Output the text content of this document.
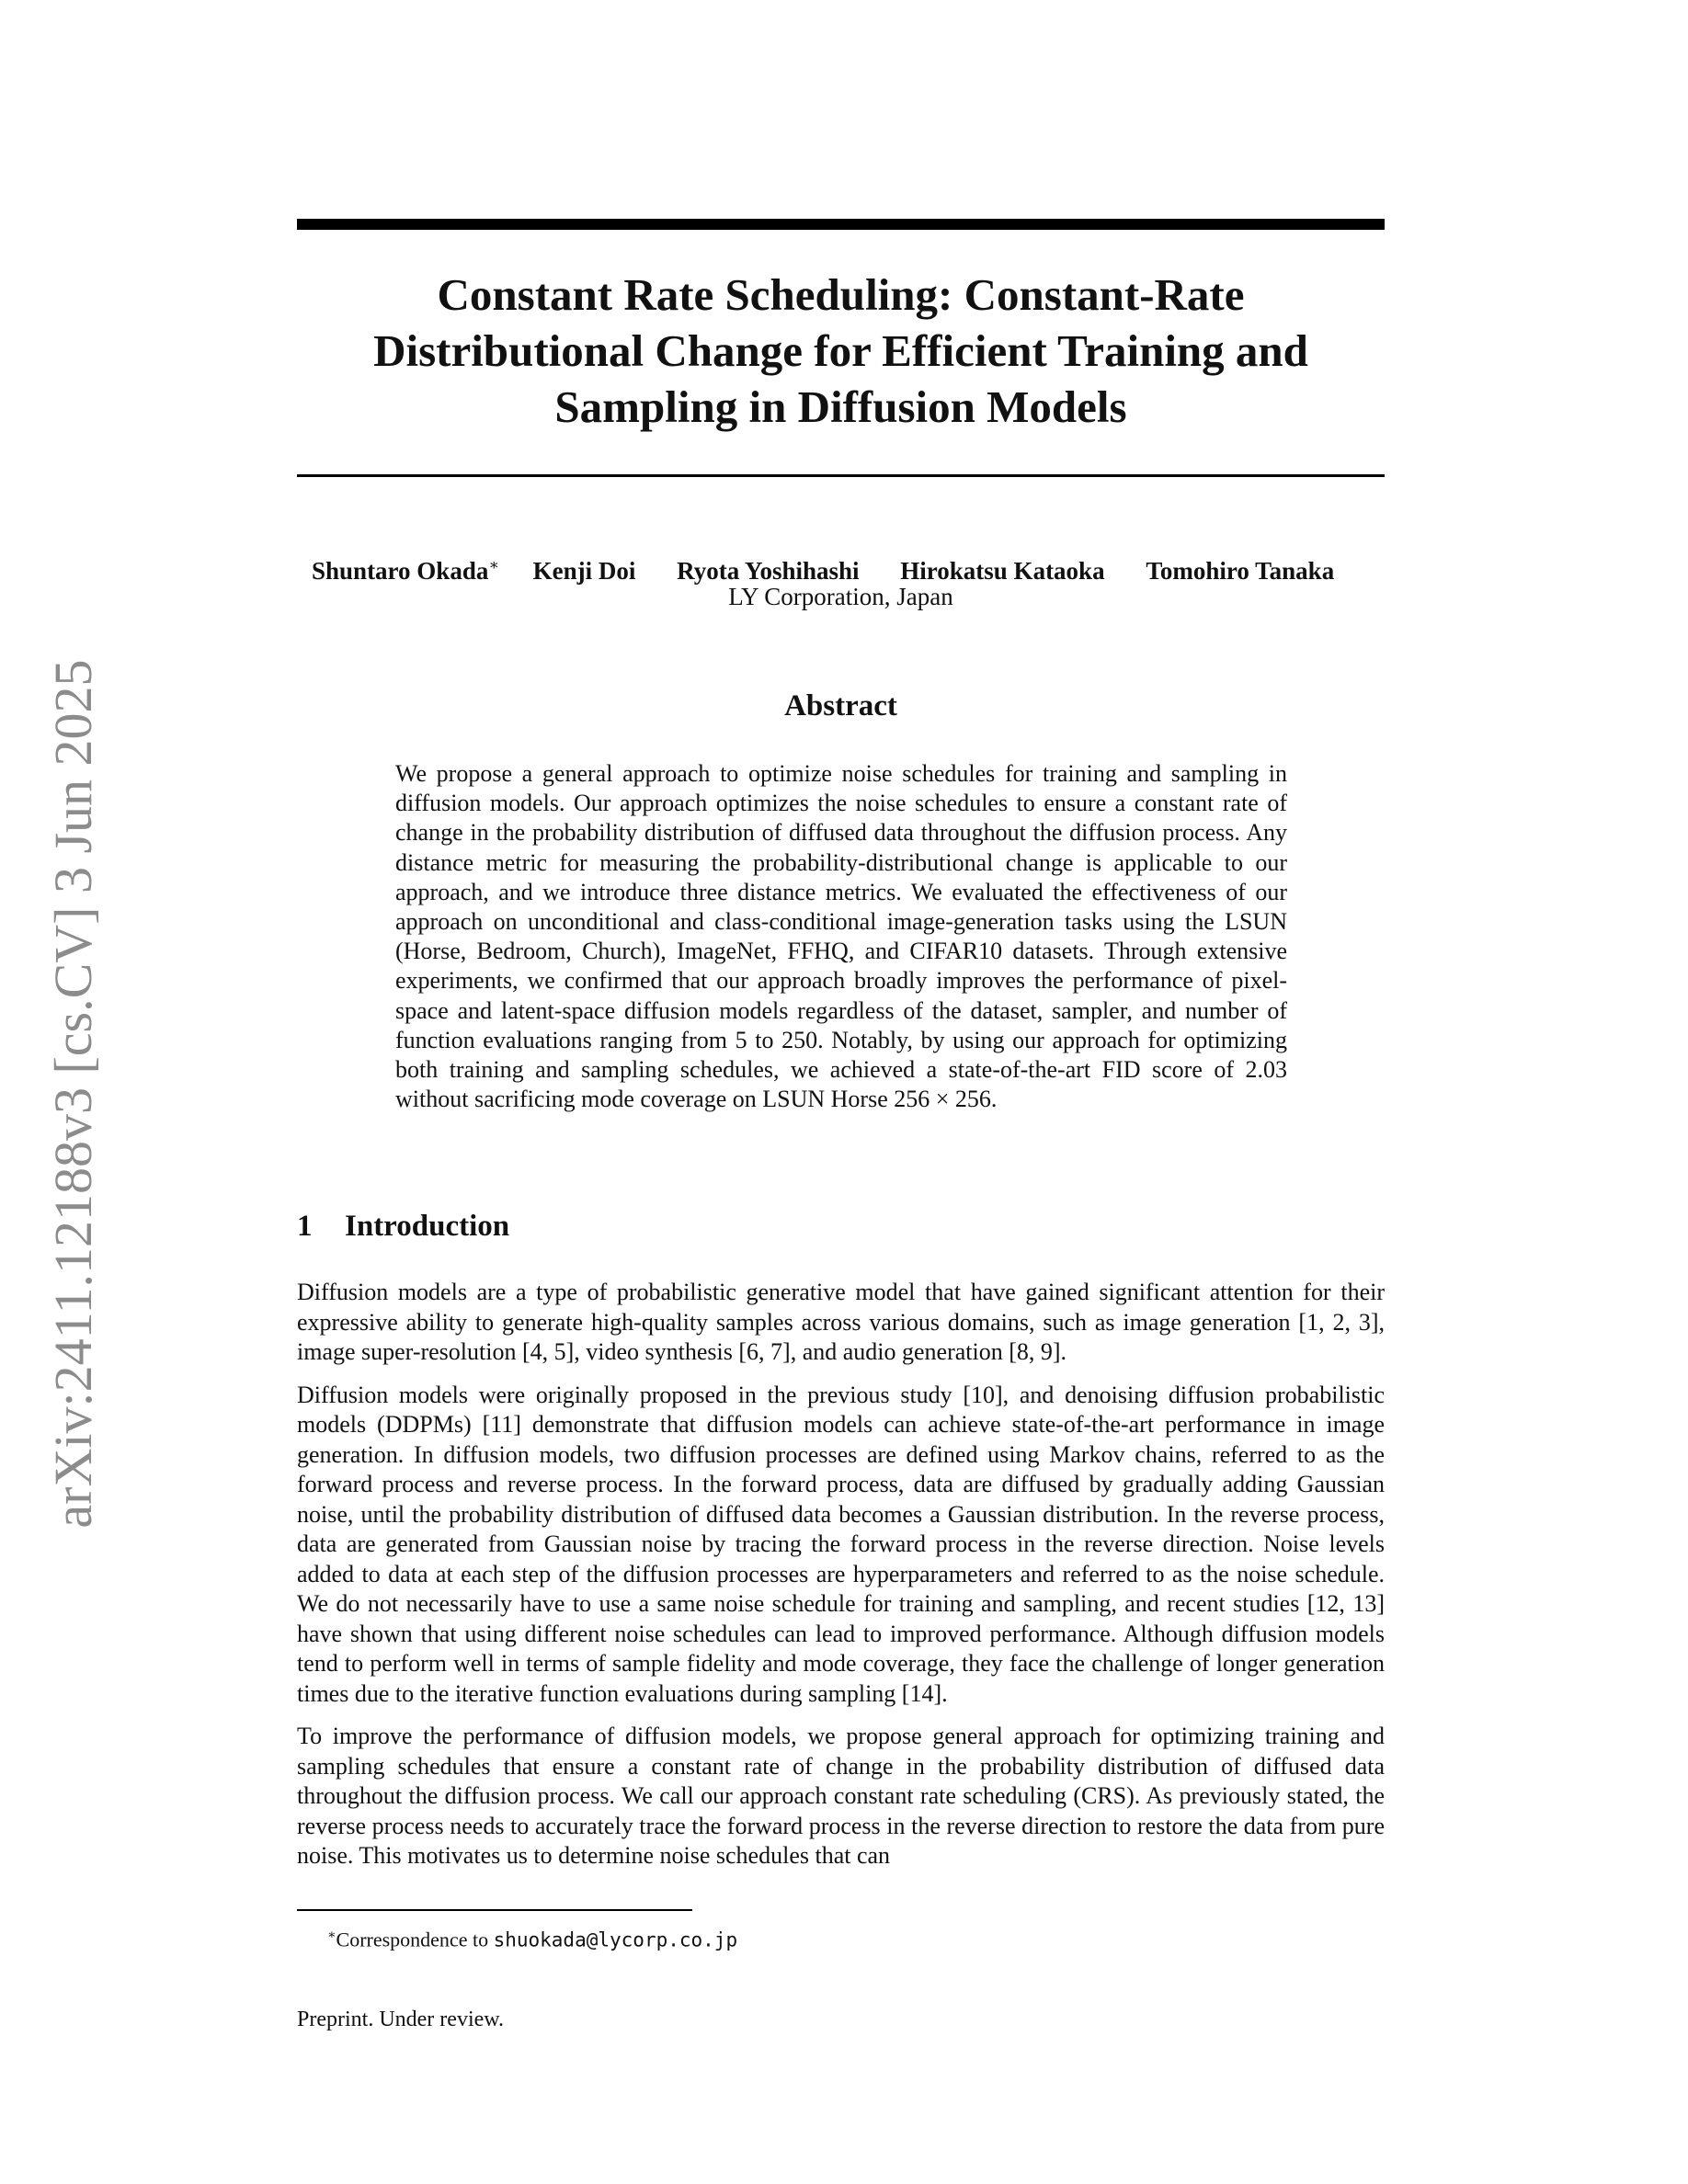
arXiv:2411.12188v3 [cs.CV] 3 Jun 2025
Constant Rate Scheduling: Constant-Rate Distributional Change for Efficient Training and Sampling in Diffusion Models
Shuntaro Okada∗ Kenji Doi Ryota Yoshihashi Hirokatsu Kataoka Tomohiro Tanaka

LY Corporation, Japan

Abstract

We propose a general approach to optimize noise schedules for training and sampling in diffusion models. Our approach optimizes the noise schedules to ensure a constant rate of change in the probability distribution of diffused data throughout the diffusion process. Any distance metric for measuring the probability-distributional change is applicable to our approach, and we introduce three distance metrics. We evaluated the effectiveness of our approach on unconditional and class-conditional image-generation tasks using the LSUN (Horse, Bedroom, Church), ImageNet, FFHQ, and CIFAR10 datasets. Through extensive experiments, we confirmed that our approach broadly improves the performance of pixel-space and latent-space diffusion models regardless of the dataset, sampler, and number of function evaluations ranging from 5 to 250. Notably, by using our approach for optimizing both training and sampling schedules, we achieved a state-of-the-art FID score of 2.03 without sacrificing mode coverage on LSUN Horse 256 × 256.

1 Introduction

Diffusion models are a type of probabilistic generative model that have gained significant attention for their expressive ability to generate high-quality samples across various domains, such as image generation [1, 2, 3], image super-resolution [4, 5], video synthesis [6, 7], and audio generation [8, 9].

Diffusion models were originally proposed in the previous study [10], and denoising diffusion probabilistic models (DDPMs) [11] demonstrate that diffusion models can achieve state-of-the-art performance in image generation. In diffusion models, two diffusion processes are defined using Markov chains, referred to as the forward process and reverse process. In the forward process, data are diffused by gradually adding Gaussian noise, until the probability distribution of diffused data becomes a Gaussian distribution. In the reverse process, data are generated from Gaussian noise by tracing the forward process in the reverse direction. Noise levels added to data at each step of the diffusion processes are hyperparameters and referred to as the noise schedule. We do not necessarily have to use a same noise schedule for training and sampling, and recent studies [12, 13] have shown that using different noise schedules can lead to improved performance. Although diffusion models tend to perform well in terms of sample fidelity and mode coverage, they face the challenge of longer generation times due to the iterative function evaluations during sampling [14].

To improve the performance of diffusion models, we propose general approach for optimizing training and sampling schedules that ensure a constant rate of change in the probability distribution of diffused data throughout the diffusion process. We call our approach constant rate scheduling (CRS). As previously stated, the reverse process needs to accurately trace the forward process in the reverse direction to restore the data from pure noise. This motivates us to determine noise schedules that can

∗Correspondence to shuokada@lycorp.co.jp

Preprint. Under review.
